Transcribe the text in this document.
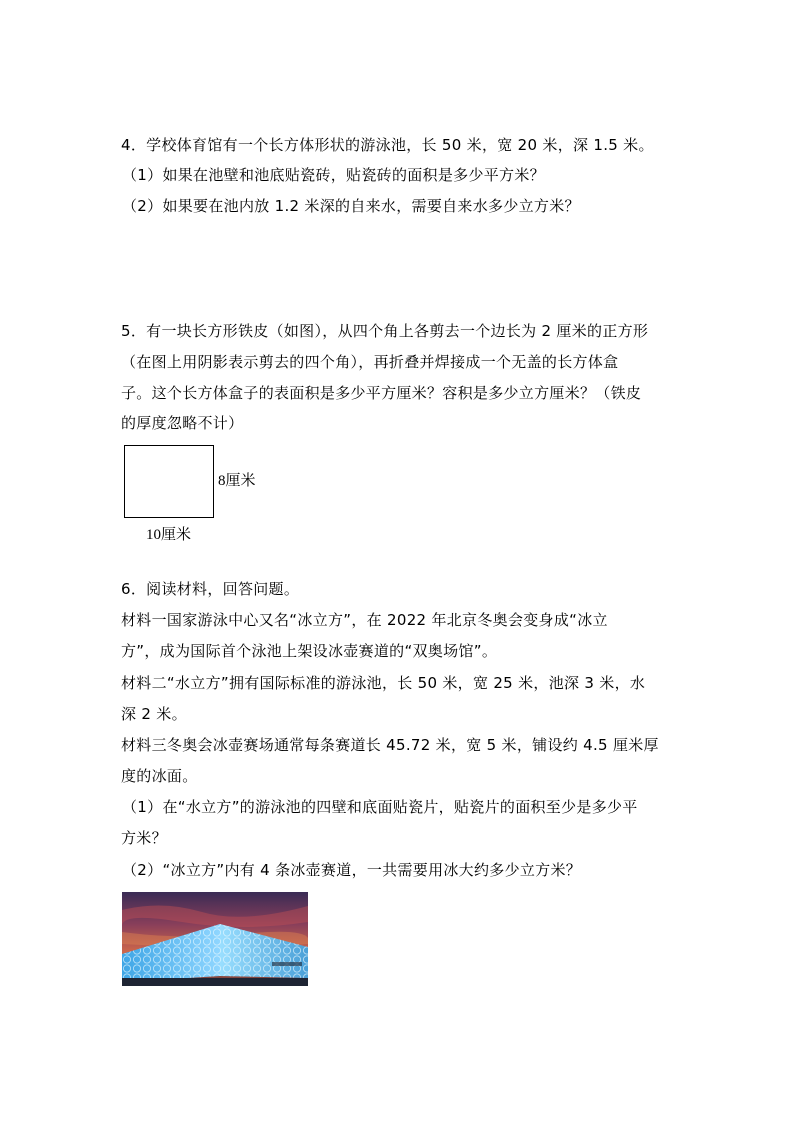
4．学校体育馆有一个长方体形状的游泳池，长 50 米，宽 20 米，深 1.5 米。
（1）如果在池壁和池底贴瓷砖，贴瓷砖的面积是多少平方米？
（2）如果要在池内放 1.2 米深的自来水，需要自来水多少立方米？
5．有一块长方形铁皮（如图），从四个角上各剪去一个边长为 2 厘米的正方形
（在图上用阴影表示剪去的四个角），再折叠并焊接成一个无盖的长方体盒
子。这个长方体盒子的表面积是多少平方厘米？容积是多少立方厘米？（铁皮
的厚度忽略不计）
8厘米
10厘米
6．阅读材料，回答问题。
材料一国家游泳中心又名“冰立方”，在 2022 年北京冬奥会变身成“冰立
方”，成为国际首个泳池上架设冰壶赛道的“双奥场馆”。
材料二“水立方”拥有国际标准的游泳池，长 50 米，宽 25 米，池深 3 米，水
深 2 米。
材料三冬奥会冰壶赛场通常每条赛道长 45.72 米，宽 5 米，铺设约 4.5 厘米厚
度的冰面。
（1）在“水立方”的游泳池的四壁和底面贴瓷片，贴瓷片的面积至少是多少平
方米？
（2）“冰立方”内有 4 条冰壶赛道，一共需要用冰大约多少立方米？
